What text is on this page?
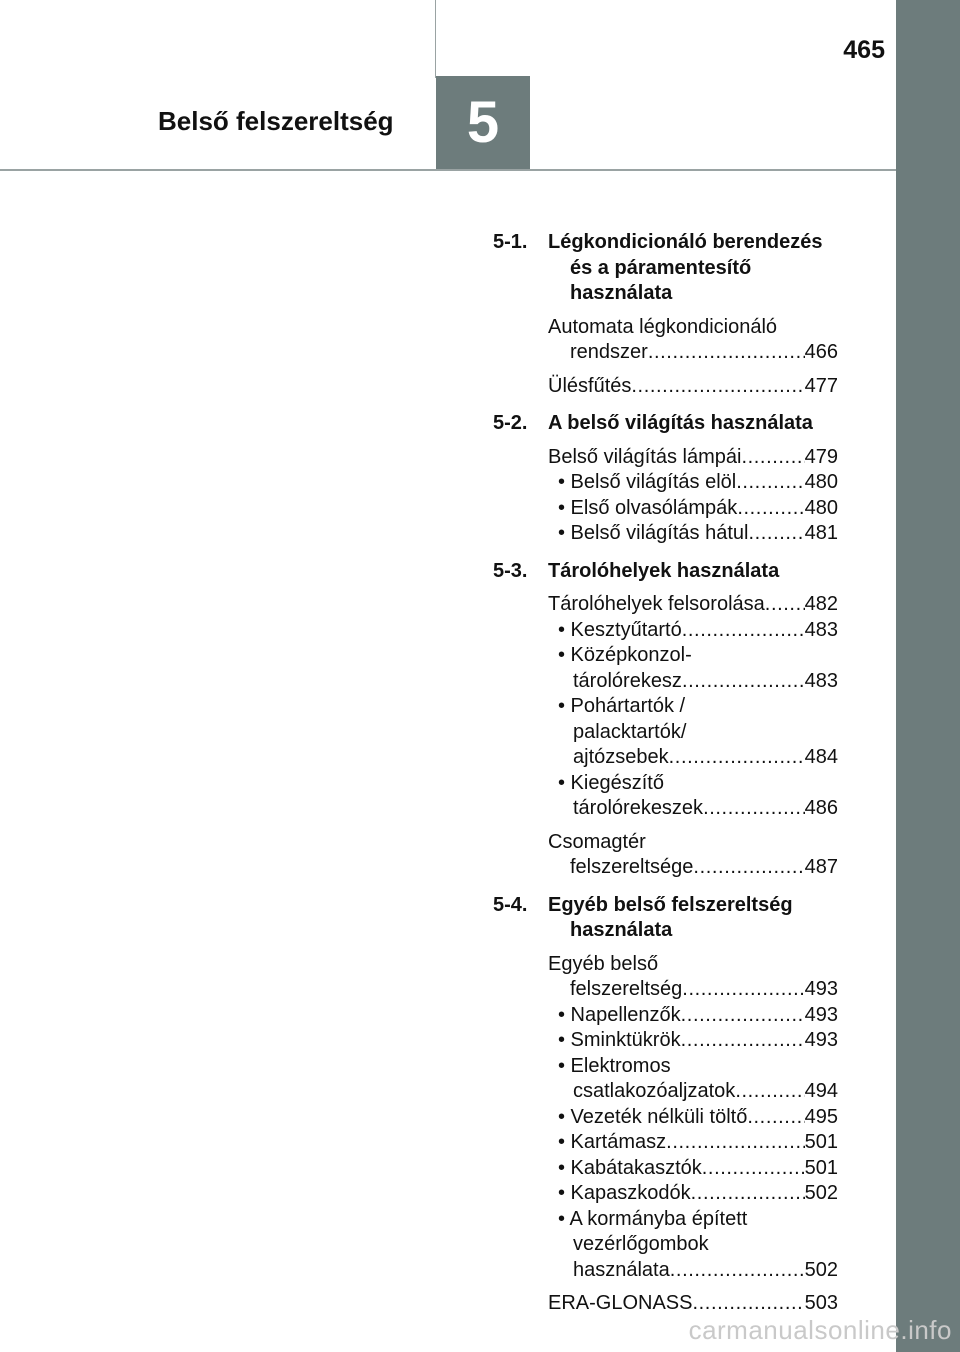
5
465
Belső felszereltség
5-1. Légkondicionáló berendezés
és a páramentesítő
használata
Automata légkondicionáló
rendszer .....	466
Ülésfűtés .....	477
5-2. A belső világítás használata
Belső világítás lámpái .....	479
• Belső világítás elöl .....	480
• Első olvasólámpák .....	480
• Belső világítás hátul .....	481
5-3. Tárolóhelyek használata
Tárolóhelyek felsorolása ..... 482
• Kesztyűtartó .....	483
• Középkonzol-
tárolórekesz .....	483
• Pohártartók /
palacktartók/
ajtózsebek .....	484
• Kiegészítő
tárolórekeszek .....	486
Csomagtér
felszereltsége .....	487
5-4. Egyéb belső felszereltség
használata
Egyéb belső
felszereltség .....	493
• Napellenzők .....	493
• Sminktükrök .....	493
• Elektromos
csatlakozóaljzatok .....	494
• Vezeték nélküli töltő .....	495
• Kartámasz .....	501
• Kabátakasztók .....	501
• Kapaszkodók .....	502
• A kormányba épített
vezérlőgombok
használata .....	502
ERA-GLONASS .....	503
carmanualsonline.info
